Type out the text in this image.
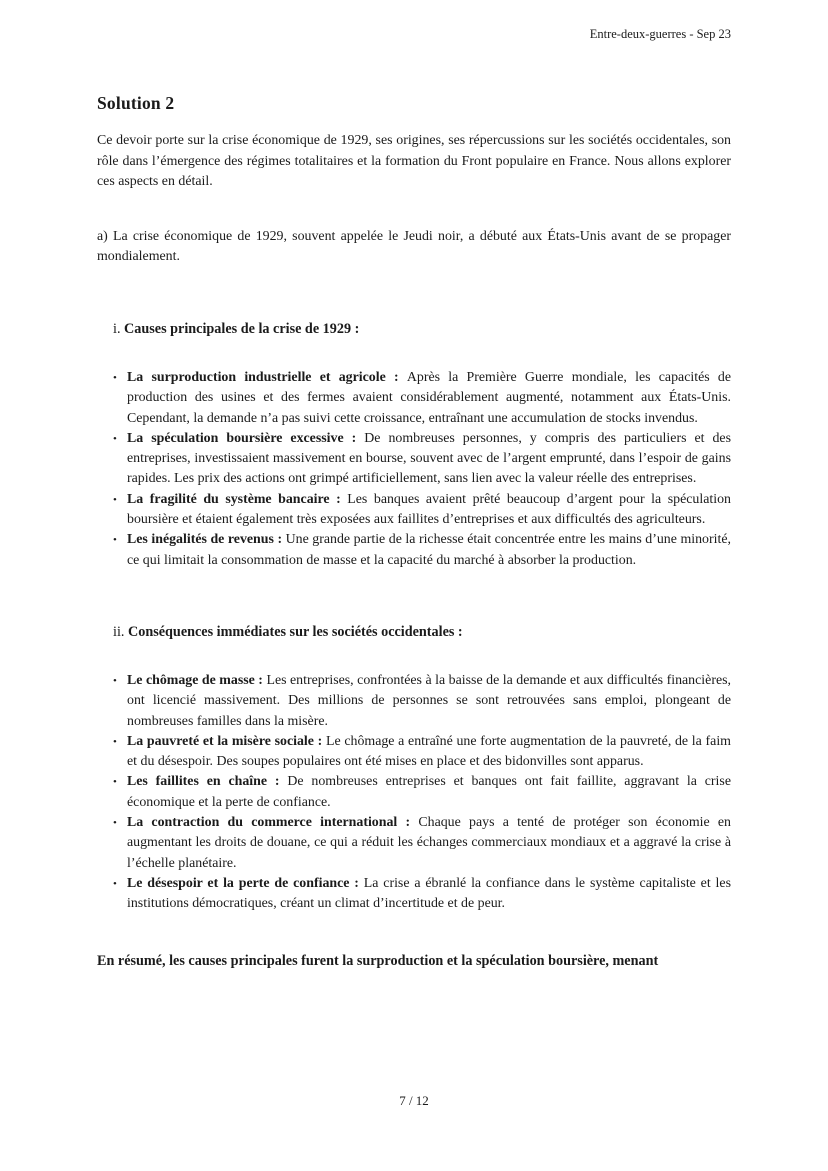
Entre-deux-guerres - Sep 23
Solution 2

Ce devoir porte sur la crise économique de 1929, ses origines, ses répercussions sur les sociétés occidentales, son rôle dans l’émergence des régimes totalitaires et la formation du Front populaire en France. Nous allons explorer ces aspects en détail.

a) La crise économique de 1929, souvent appelée le Jeudi noir, a débuté aux États-Unis avant de se propager mondialement.

i. Causes principales de la crise de 1929 :
• La surproduction industrielle et agricole : Après la Première Guerre mondiale, les capacités de production des usines et des fermes avaient considérablement augmenté, notamment aux États-Unis. Cependant, la demande n’a pas suivi cette croissance, entraînant une accumulation de stocks invendus.
• La spéculation boursière excessive : De nombreuses personnes, y compris des particuliers et des entreprises, investissaient massivement en bourse, souvent avec de l’argent emprunté, dans l’espoir de gains rapides. Les prix des actions ont grimpé artificiellement, sans lien avec la valeur réelle des entreprises.
• La fragilité du système bancaire : Les banques avaient prêté beaucoup d’argent pour la spéculation boursière et étaient également très exposées aux faillites d’entreprises et aux difficultés des agriculteurs.
• Les inégalités de revenus : Une grande partie de la richesse était concentrée entre les mains d’une minorité, ce qui limitait la consommation de masse et la capacité du marché à absorber la production.
ii. Conséquences immédiates sur les sociétés occidentales :
• Le chômage de masse : Les entreprises, confrontées à la baisse de la demande et aux difficultés financières, ont licencié massivement. Des millions de personnes se sont retrouvées sans emploi, plongeant de nombreuses familles dans la misère.
• La pauvreté et la misère sociale : Le chômage a entraîné une forte augmentation de la pauvreté, de la faim et du désespoir. Des soupes populaires ont été mises en place et des bidonvilles sont apparus.
• Les faillites en chaîne : De nombreuses entreprises et banques ont fait faillite, aggravant la crise économique et la perte de confiance.
• La contraction du commerce international : Chaque pays a tenté de protéger son économie en augmentant les droits de douane, ce qui a réduit les échanges commerciaux mondiaux et a aggravé la crise à l’échelle planétaire.
• Le désespoir et la perte de confiance : La crise a ébranlé la confiance dans le système capitaliste et les institutions démocratiques, créant un climat d’incertitude et de peur.

En résumé, les causes principales furent la surproduction et la spéculation boursière, menant

7 / 12
